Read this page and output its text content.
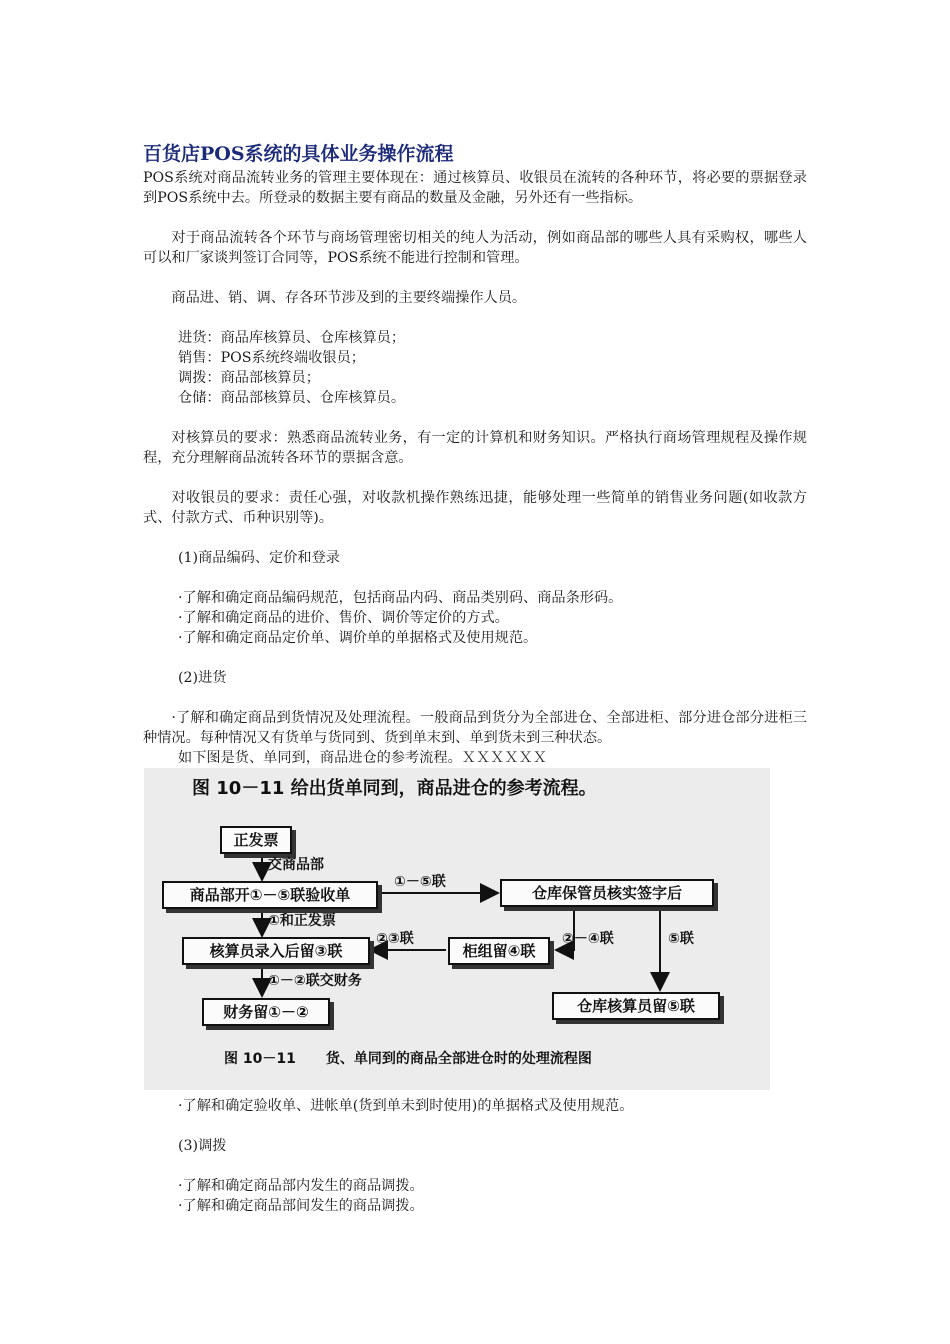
百货店POS系统的具体业务操作流程

POS系统对商品流转业务的管理主要体现在：通过核算员、收银员在流转的各种环节，将必要的票据登录到POS系统中去。所登录的数据主要有商品的数量及金融，另外还有一些指标。

对于商品流转各个环节与商场管理密切相关的纯人为活动，例如商品部的哪些人具有采购权，哪些人可以和厂家谈判签订合同等，POS系统不能进行控制和管理。

商品进、销、调、存各环节涉及到的主要终端操作人员。

进货：商品库核算员、仓库核算员；

销售：POS系统终端收银员；

调拨：商品部核算员；

仓储：商品部核算员、仓库核算员。

对核算员的要求：熟悉商品流转业务，有一定的计算机和财务知识。严格执行商场管理规程及操作规程，充分理解商品流转各环节的票据含意。

对收银员的要求：责任心强，对收款机操作熟练迅捷，能够处理一些简单的销售业务问题(如收款方式、付款方式、币种识别等)。

(1)商品编码、定价和登录

·了解和确定商品编码规范，包括商品内码、商品类别码、商品条形码。

·了解和确定商品的进价、售价、调价等定价的方式。

·了解和确定商品定价单、调价单的单据格式及使用规范。

(2)进货

·了解和确定商品到货情况及处理流程。一般商品到货分为全部进仓、全部进柜、部分进仓部分进柜三种情况。每种情况又有货单与货同到、货到单末到、单到货未到三种状态。

如下图是货、单同到，商品进仓的参考流程。ＸＸＸＸＸＸ

图 10－11 给出货单同到，商品进仓的参考流程。
正发票
交商品部
商品部开①－⑤联验收单
①－⑤联
仓库保管员核实签字后
①和正发票
核算员录入后留③联
②③联
柜组留④联
②－④联	⑤联
①－②联交财务
财务留①－②	仓库核算员留⑤联
图 10－11 货、单同到的商品全部进仓时的处理流程图

·了解和确定验收单、进帐单(货到单未到时使用)的单据格式及使用规范。

(3)调拨

·了解和确定商品部内发生的商品调拨。

·了解和确定商品部间发生的商品调拨。
